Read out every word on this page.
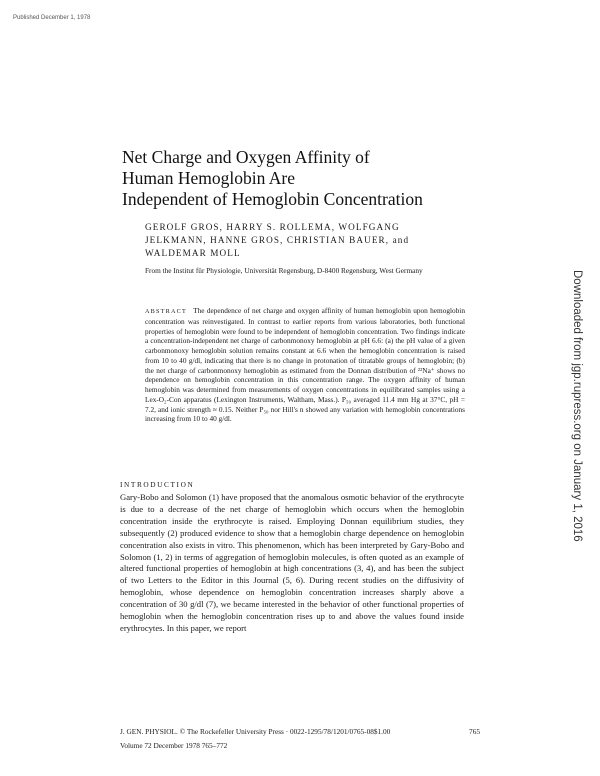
Published December 1, 1978
Downloaded from jgp.rupress.org on January 1, 2016
Net Charge and Oxygen Affinity of
Human Hemoglobin Are
Independent of Hemoglobin Concentration
GEROLF GROS, HARRY S. ROLLEMA, WOLFGANG
JELKMANN, HANNE GROS, CHRISTIAN BAUER, and
WALDEMAR MOLL
From the Institut für Physiologie, Universität Regensburg, D-8400 Regensburg, West Germany
ABSTRACT The dependence of net charge and oxygen affinity of human hemoglobin upon hemoglobin concentration was reinvestigated. In contrast to earlier reports from various laboratories, both functional properties of hemoglobin were found to be independent of hemoglobin concentration. Two findings indicate a concentration-independent net charge of carbonmonoxy hemoglobin at pH 6.6: (a) the pH value of a given carbonmonoxy hemoglobin solution remains constant at 6.6 when the hemoglobin concentration is raised from 10 to 40 g/dl, indicating that there is no change in protonation of titratable groups of hemoglobin; (b) the net charge of carbonmonoxy hemoglobin as estimated from the Donnan distribution of ²²Na⁺ shows no dependence on hemoglobin concentration in this concentration range. The oxygen affinity of human hemoglobin was determined from measurements of oxygen concentrations in equilibrated samples using a Lex-O₂-Con apparatus (Lexington Instruments, Waltham, Mass.). P₅₀ averaged 11.4 mm Hg at 37°C, pH = 7.2, and ionic strength ≈ 0.15. Neither P₅₀ nor Hill's n showed any variation with hemoglobin concentrations increasing from 10 to 40 g/dl.
INTRODUCTION
Gary-Bobo and Solomon (1) have proposed that the anomalous osmotic behavior of the erythrocyte is due to a decrease of the net charge of hemoglobin which occurs when the hemoglobin concentration inside the erythrocyte is raised. Employing Donnan equilibrium studies, they subsequently (2) produced evidence to show that a hemoglobin charge dependence on hemoglobin concentration also exists in vitro. This phenomenon, which has been interpreted by Gary-Bobo and Solomon (1, 2) in terms of aggregation of hemoglobin molecules, is often quoted as an example of altered functional properties of hemoglobin at high concentrations (3, 4), and has been the subject of two Letters to the Editor in this Journal (5, 6). During recent studies on the diffusivity of hemoglobin, whose dependence on hemoglobin concentration increases sharply above a concentration of 30 g/dl (7), we became interested in the behavior of other functional properties of hemoglobin when the hemoglobin concentration rises up to and above the values found inside erythrocytes. In this paper, we report
J. GEN. PHYSIOL. © The Rockefeller University Press · 0022-1295/78/1201/0765-08$1.00	765
Volume 72 December 1978 765–772
